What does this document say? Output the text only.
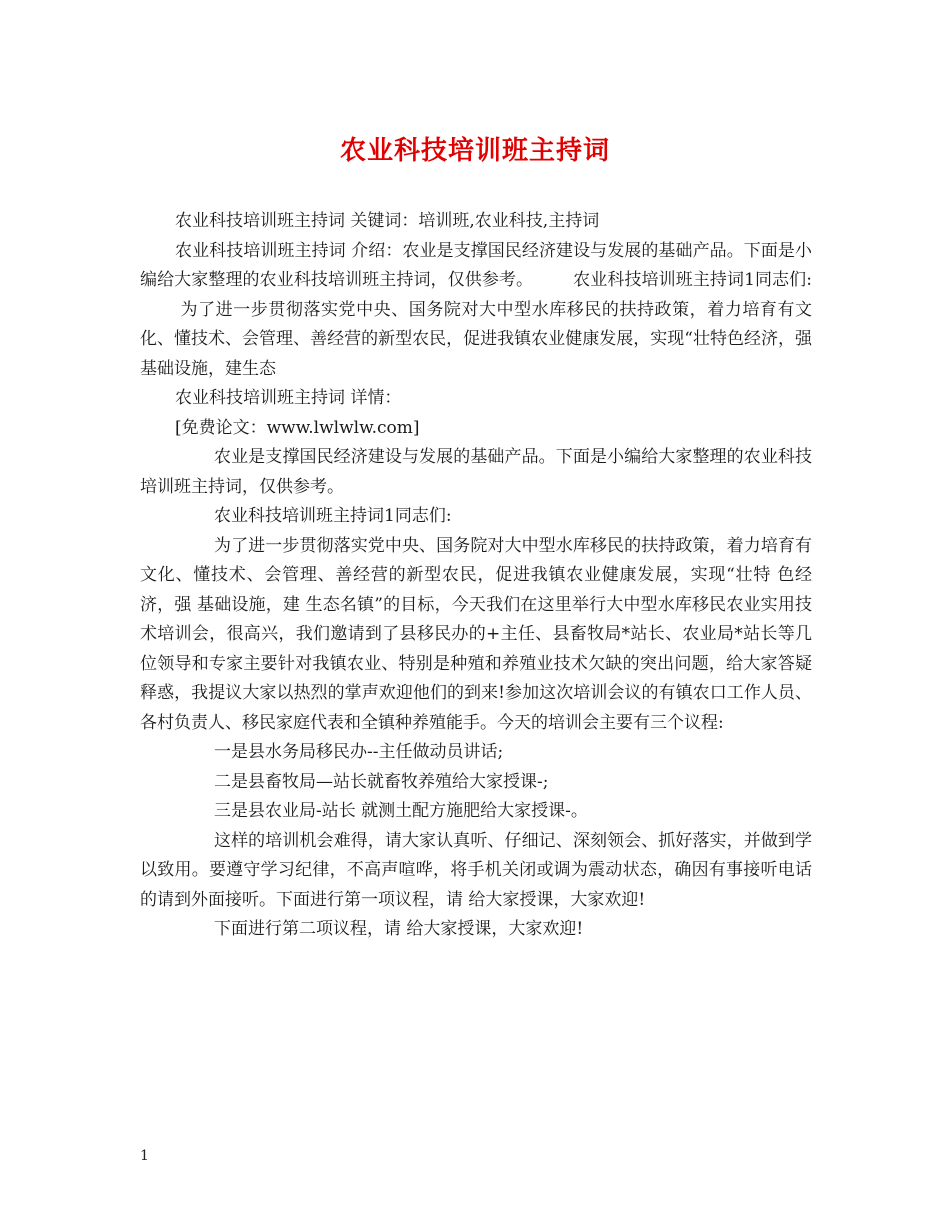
农业科技培训班主持词

农业科技培训班主持词 关键词：培训班,农业科技,主持词

农业科技培训班主持词 介绍：农业是支撑国民经济建设与发展的基础产品。下面是小编给大家整理的农业科技培训班主持词，仅供参考。 农业科技培训班主持词1同志们:为了进一步贯彻落实党中央、国务院对大中型水库移民的扶持政策，着力培育有文化、懂技术、会管理、善经营的新型农民，促进我镇农业健康发展，实现“壮特色经济，强基础设施，建生态

农业科技培训班主持词 详情：

[免费论文：www.lwlwlw.com]

农业是支撑国民经济建设与发展的基础产品。下面是小编给大家整理的农业科技培训班主持词，仅供参考。

农业科技培训班主持词1同志们:

为了进一步贯彻落实党中央、国务院对大中型水库移民的扶持政策，着力培育有文化、懂技术、会管理、善经营的新型农民，促进我镇农业健康发展，实现“壮特 色经济，强 基础设施，建 生态名镇”的目标，今天我们在这里举行大中型水库移民农业实用技术培训会，很高兴，我们邀请到了县移民办的+主任、县畜牧局*站长、农业局*站长等几位领导和专家主要针对我镇农业、特别是种殖和养殖业技术欠缺的突出问题，给大家答疑释惑，我提议大家以热烈的掌声欢迎他们的到来!参加这次培训会议的有镇农口工作人员、各村负责人、移民家庭代表和全镇种养殖能手。今天的培训会主要有三个议程:

一是县水务局移民办--主任做动员讲话;

二是县畜牧局—站长就畜牧养殖给大家授课-;

三是县农业局-站长 就测土配方施肥给大家授课-。

这样的培训机会难得，请大家认真听、仔细记、深刻领会、抓好落实，并做到学以致用。要遵守学习纪律，不高声喧哗，将手机关闭或调为震动状态，确因有事接听电话的请到外面接听。下面进行第一项议程，请 给大家授课，大家欢迎!

下面进行第二项议程，请 给大家授课，大家欢迎!

1
